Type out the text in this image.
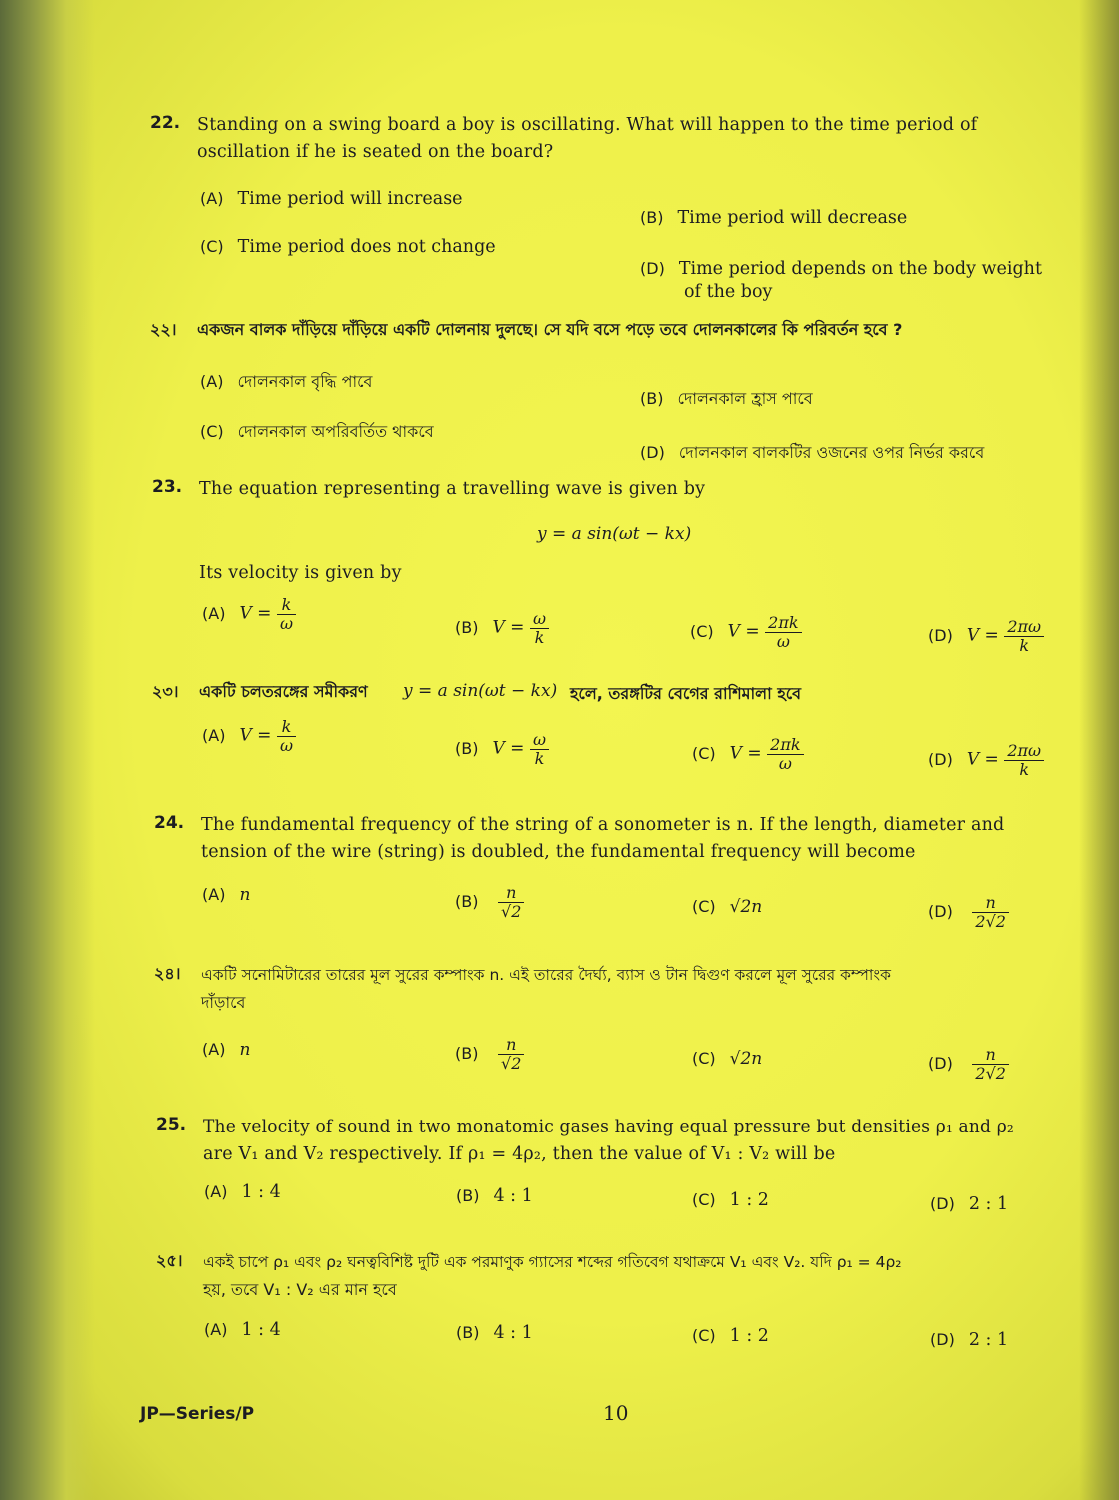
22. Standing on a swing board a boy is oscillating. What will happen to the time period of
oscillation if he is seated on the board?
(A) Time period will increase
(B) Time period will decrease
(C) Time period does not change
(D) Time period depends on the body weight
of the boy
২২। একজন বালক দাঁড়িয়ে দাঁড়িয়ে একটি দোলনায় দুলছে। সে যদি বসে পড়ে তবে দোলনকালের কি পরিবর্তন হবে ?
(A) দোলনকাল বৃদ্ধি পাবে
(B) দোলনকাল হ্রাস পাবে
(C) দোলনকাল অপরিবর্তিত থাকবে
(D) দোলনকাল বালকটির ওজনের ওপর নির্ভর করবে
23. The equation representing a travelling wave is given by
y = a sin(ωt − kx)
Its velocity is given by
(A) $V = \frac{k}{\omega}$	(B) $V = \frac{\omega}{k}$	(C) $V = \frac{2\pi k}{\omega}$	(D) $V = \frac{2\pi\omega}{k}$
২৩। একটি চলতরঙ্গের সমীকরণ y = a sin(ωt − kx) হলে, তরঙ্গটির বেগের রাশিমালা হবে
(A) $V = \frac{k}{\omega}$	(B) $V = \frac{\omega}{k}$	(C) $V = \frac{2\pi k}{\omega}$	(D) $V = \frac{2\pi\omega}{k}$
24. The fundamental frequency of the string of a sonometer is n. If the length, diameter and
tension of the wire (string) is doubled, the fundamental frequency will become
(A) n	$(B) \frac{n}{√2}$	(C) √2n	$(D) \frac{n}{2√2}$
২৪। একটি সনোমিটারের তারের মূল সুরের কম্পাংক n. এই তারের দৈর্ঘ্য, ব্যাস ও টান দ্বিগুণ করলে মূল সুরের কম্পাংক
দাঁড়াবে
(A) n	$(B) \frac{n}{√2}$	(C) √2n	$(D) \frac{n}{2√2}$
25. The velocity of sound in two monatomic gases having equal pressure but densities ρ₁ and ρ₂
are V₁ and V₂ respectively. If ρ₁ = 4ρ₂, then the value of V₁ : V₂ will be
(A) 1 : 4	(B) 4 : 1	(C) 1 : 2	(D) 2 : 1
২৫। একই চাপে ρ₁ এবং ρ₂ ঘনত্ববিশিষ্ট দুটি এক পরমাণুক গ্যাসের শব্দের গতিবেগ যথাক্রমে V₁ এবং V₂. যদি ρ₁ = 4ρ₂
হয়, তবে V₁ : V₂ এর মান হবে
(A) 1 : 4	(B) 4 : 1	(C) 1 : 2	(D) 2 : 1
JP—Series/P	10
